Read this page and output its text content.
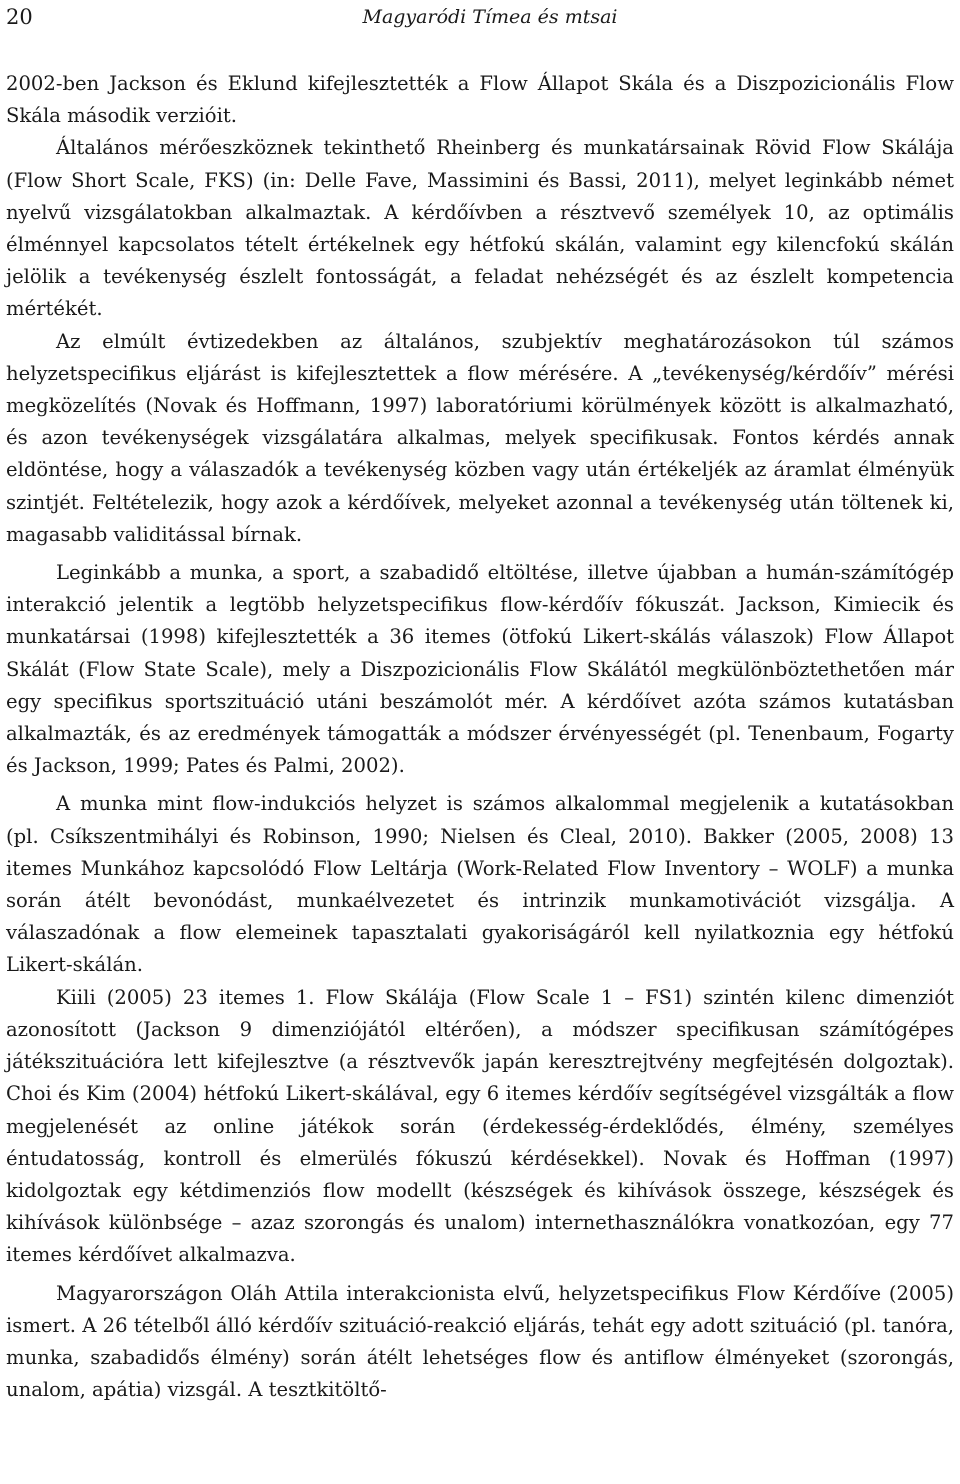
20	Magyaródi Tímea és mtsai

2002-ben Jackson és Eklund kifejlesztették a Flow Állapot Skála és a Diszpozicionális Flow Skála második verzióit.

Általános mérőeszköznek tekinthető Rheinberg és munkatársainak Rövid Flow Skálája (Flow Short Scale, FKS) (in: Delle Fave, Massimini és Bassi, 2011), melyet leginkább német nyelvű vizsgálatokban alkalmaztak. A kérdőívben a résztvevő személyek 10, az optimális élménnyel kapcsolatos tételt értékelnek egy hétfokú skálán, valamint egy kilencfokú skálán jelölik a tevékenység észlelt fontosságát, a feladat nehézségét és az észlelt kompetencia mértékét.

Az elmúlt évtizedekben az általános, szubjektív meghatározásokon túl számos helyzetspecifikus eljárást is kifejlesztettek a flow mérésére. A „tevékenység/kérdőív” mérési megközelítés (Novak és Hoffmann, 1997) laboratóriumi körülmények között is alkalmazható, és azon tevékenységek vizsgálatára alkalmas, melyek specifikusak. Fontos kérdés annak eldöntése, hogy a válaszadók a tevékenység közben vagy után értékeljék az áramlat élményük szintjét. Feltételezik, hogy azok a kérdőívek, melyeket azonnal a tevékenység után töltenek ki, magasabb validitással bírnak.

Leginkább a munka, a sport, a szabadidő eltöltése, illetve újabban a humán-számítógép interakció jelentik a legtöbb helyzetspecifikus flow-kérdőív fókuszát. Jackson, Kimiecik és munkatársai (1998) kifejlesztették a 36 itemes (ötfokú Likert-skálás válaszok) Flow Állapot Skálát (Flow State Scale), mely a Diszpozicionális Flow Skálától megkülönböztethetően már egy specifikus sportszituáció utáni beszámolót mér. A kérdőívet azóta számos kutatásban alkalmazták, és az eredmények támogatták a módszer érvényességét (pl. Tenenbaum, Fogarty és Jackson, 1999; Pates és Palmi, 2002).

A munka mint flow-indukciós helyzet is számos alkalommal megjelenik a kutatásokban (pl. Csíkszentmihályi és Robinson, 1990; Nielsen és Cleal, 2010). Bakker (2005, 2008) 13 itemes Munkához kapcsolódó Flow Leltárja (Work-Related Flow Inventory – WOLF) a munka során átélt bevonódást, munkaélvezetet és intrinzik munkamotivációt vizsgálja. A válaszadónak a flow elemeinek tapasztalati gyakoriságáról kell nyilatkoznia egy hétfokú Likert-skálán.

Kiili (2005) 23 itemes 1. Flow Skálája (Flow Scale 1 – FS1) szintén kilenc dimenziót azonosított (Jackson 9 dimenziójától eltérően), a módszer specifikusan számítógépes játékszituációra lett kifejlesztve (a résztvevők japán keresztrejtvény megfejtésén dolgoztak). Choi és Kim (2004) hétfokú Likert-skálával, egy 6 itemes kérdőív segítségével vizsgálták a flow megjelenését az online játékok során (érdekesség-érdeklődés, élmény, személyes éntudatosság, kontroll és elmerülés fókuszú kérdésekkel). Novak és Hoffman (1997) kidolgoztak egy kétdimenziós flow modellt (készségek és kihívások összege, készségek és kihívások különbsége – azaz szorongás és unalom) internethasználókra vonatkozóan, egy 77 itemes kérdőívet alkalmazva.

Magyarországon Oláh Attila interakcionista elvű, helyzetspecifikus Flow Kérdőíve (2005) ismert. A 26 tételből álló kérdőív szituáció-reakció eljárás, tehát egy adott szituáció (pl. tanóra, munka, szabadidős élmény) során átélt lehetséges flow és antiflow élményeket (szorongás, unalom, apátia) vizsgál. A tesztkitöltő-
